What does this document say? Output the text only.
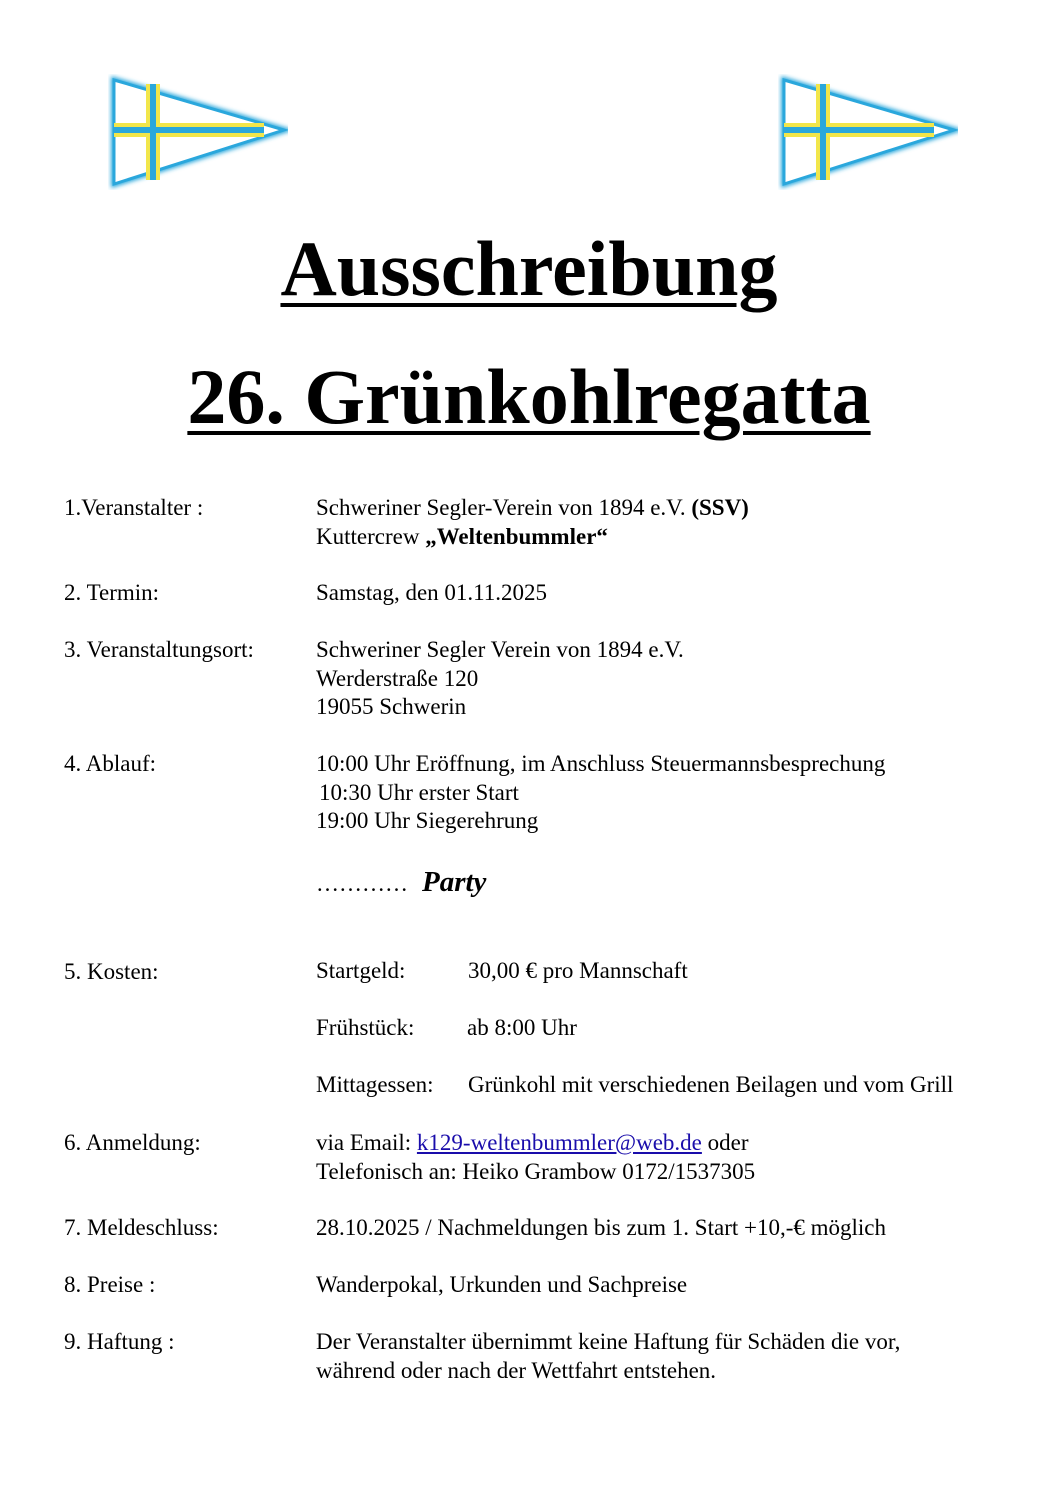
Ausschreibung
26. Grünkohlregatta
1.Veranstalter :	Schweriner Segler-Verein von 1894 e.V. (SSV)
Kuttercrew „Weltenbummler“
2. Termin:	Samstag, den 01.11.2025
3. Veranstaltungsort:	Schweriner Segler Verein von 1894 e.V.
Werderstraße 120
19055 Schwerin
4. Ablauf:	10:00 Uhr Eröffnung, im Anschluss Steuermannsbesprechung
10:30 Uhr erster Start
19:00 Uhr Siegerehrung
………… Party
5. Kosten:	Startgeld:	30,00 € pro Mannschaft
Frühstück: ab 8:00 Uhr
Mittagessen: Grünkohl mit verschiedenen Beilagen und vom Grill
6. Anmeldung:	via Email: k129-weltenbummler@web.de oder
Telefonisch an: Heiko Grambow 0172/1537305
7. Meldeschluss:	28.10.2025 / Nachmeldungen bis zum 1. Start +10,-€ möglich
8. Preise :	Wanderpokal, Urkunden und Sachpreise
9. Haftung :	Der Veranstalter übernimmt keine Haftung für Schäden die vor,
während oder nach der Wettfahrt entstehen.
